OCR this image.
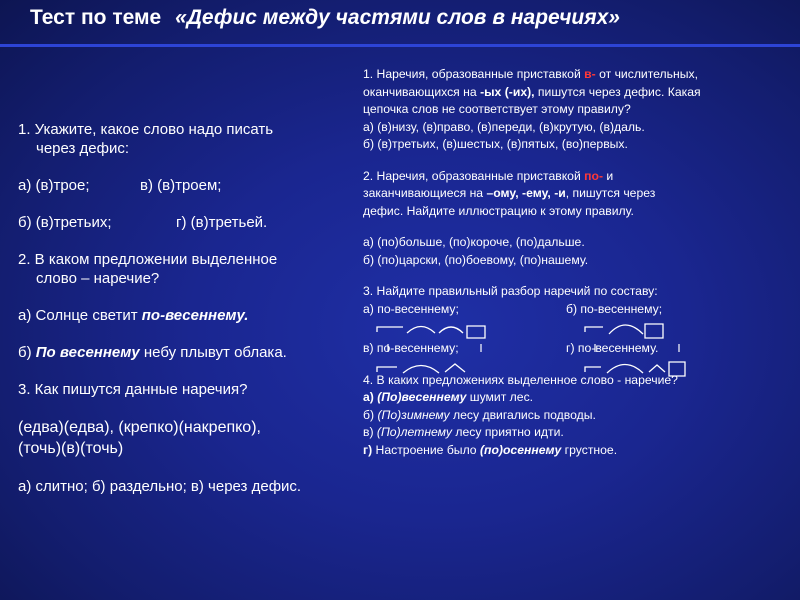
Тест по теме «Дефис между частями слов в наречиях»
1. Укажите, какое слово надо писать
через дефис:
а) (в)трое;	в) (в)троем;
б) (в)третьих;	г) (в)третьей.
2. В каком предложении выделенное
слово – наречие?
а) Солнце светит по-весеннему.
б) По весеннему небу плывут облака.
3. Как пишутся данные наречия?
(едва)(едва), (крепко)(накрепко),
(точь)(в)(точь)
а) слитно; б) раздельно; в) через дефис.
1. Наречия, образованные приставкой в- от числительных,
оканчивающихся на -ых (-их), пишутся через дефис. Какая
цепочка слов не соответствует этому правилу?
а) (в)низу, (в)право, (в)переди, (в)крутую, (в)даль.
б) (в)третьих, (в)шестых, (в)пятых, (во)первых.
2. Наречия, образованные приставкой по- и
заканчивающиеся на –ому, -ему, -и, пишутся через
дефис. Найдите иллюстрацию к этому правилу.
а) (по)больше, (по)короче, (по)дальше.
б) (по)царски, (по)боевому, (по)нашему.
3. Найдите правильный разбор наречий по составу:
а) по-весеннему;	б) по-весеннему;
в) по-весеннему;	г) по-весеннему.
4. В каких предложениях выделенное слово - наречие?
а) (По)весеннему шумит лес.
б) (По)зимнему лесу двигались подводы.
в) (По)летнему лесу приятно идти.
г) Настроение было (по)осеннему грустное.
